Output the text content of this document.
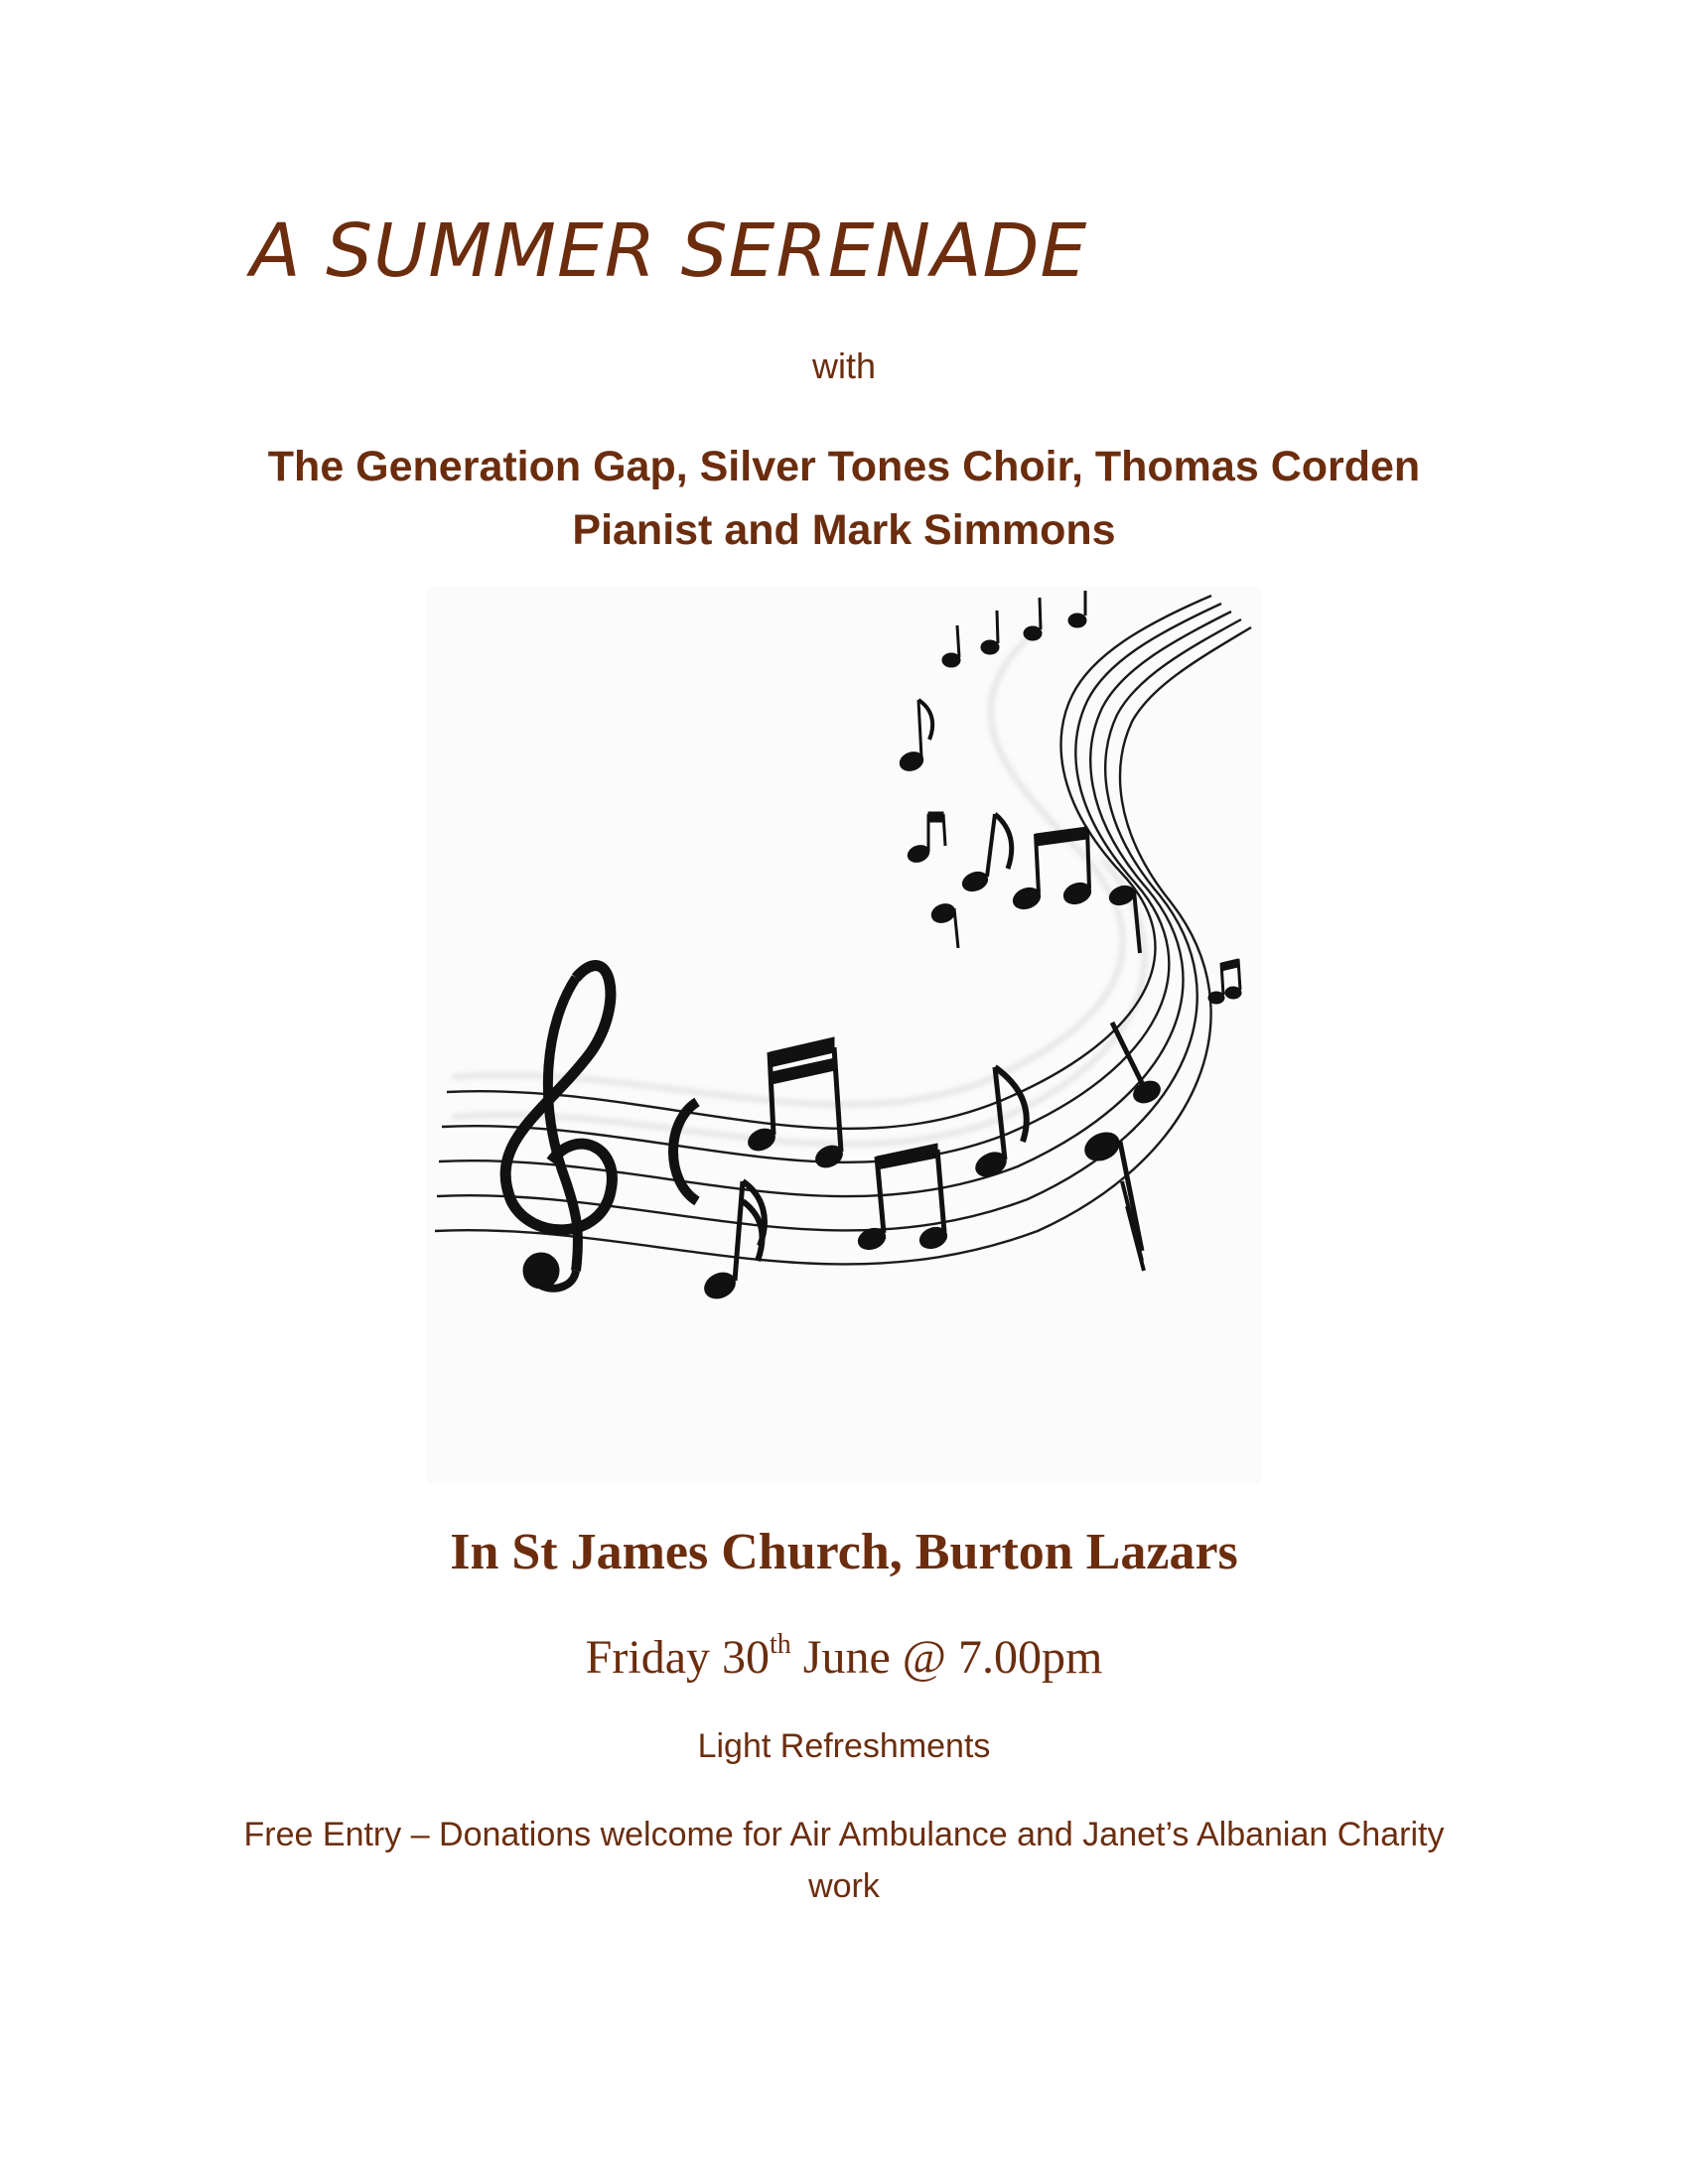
A SUMMER SERENADE
with
The Generation Gap, Silver Tones Choir, Thomas Corden Pianist and Mark Simmons
In St James Church, Burton Lazars
Friday 30th June @ 7.00pm
Light Refreshments
Free Entry – Donations welcome for Air Ambulance and Janet’s Albanian Charity work
